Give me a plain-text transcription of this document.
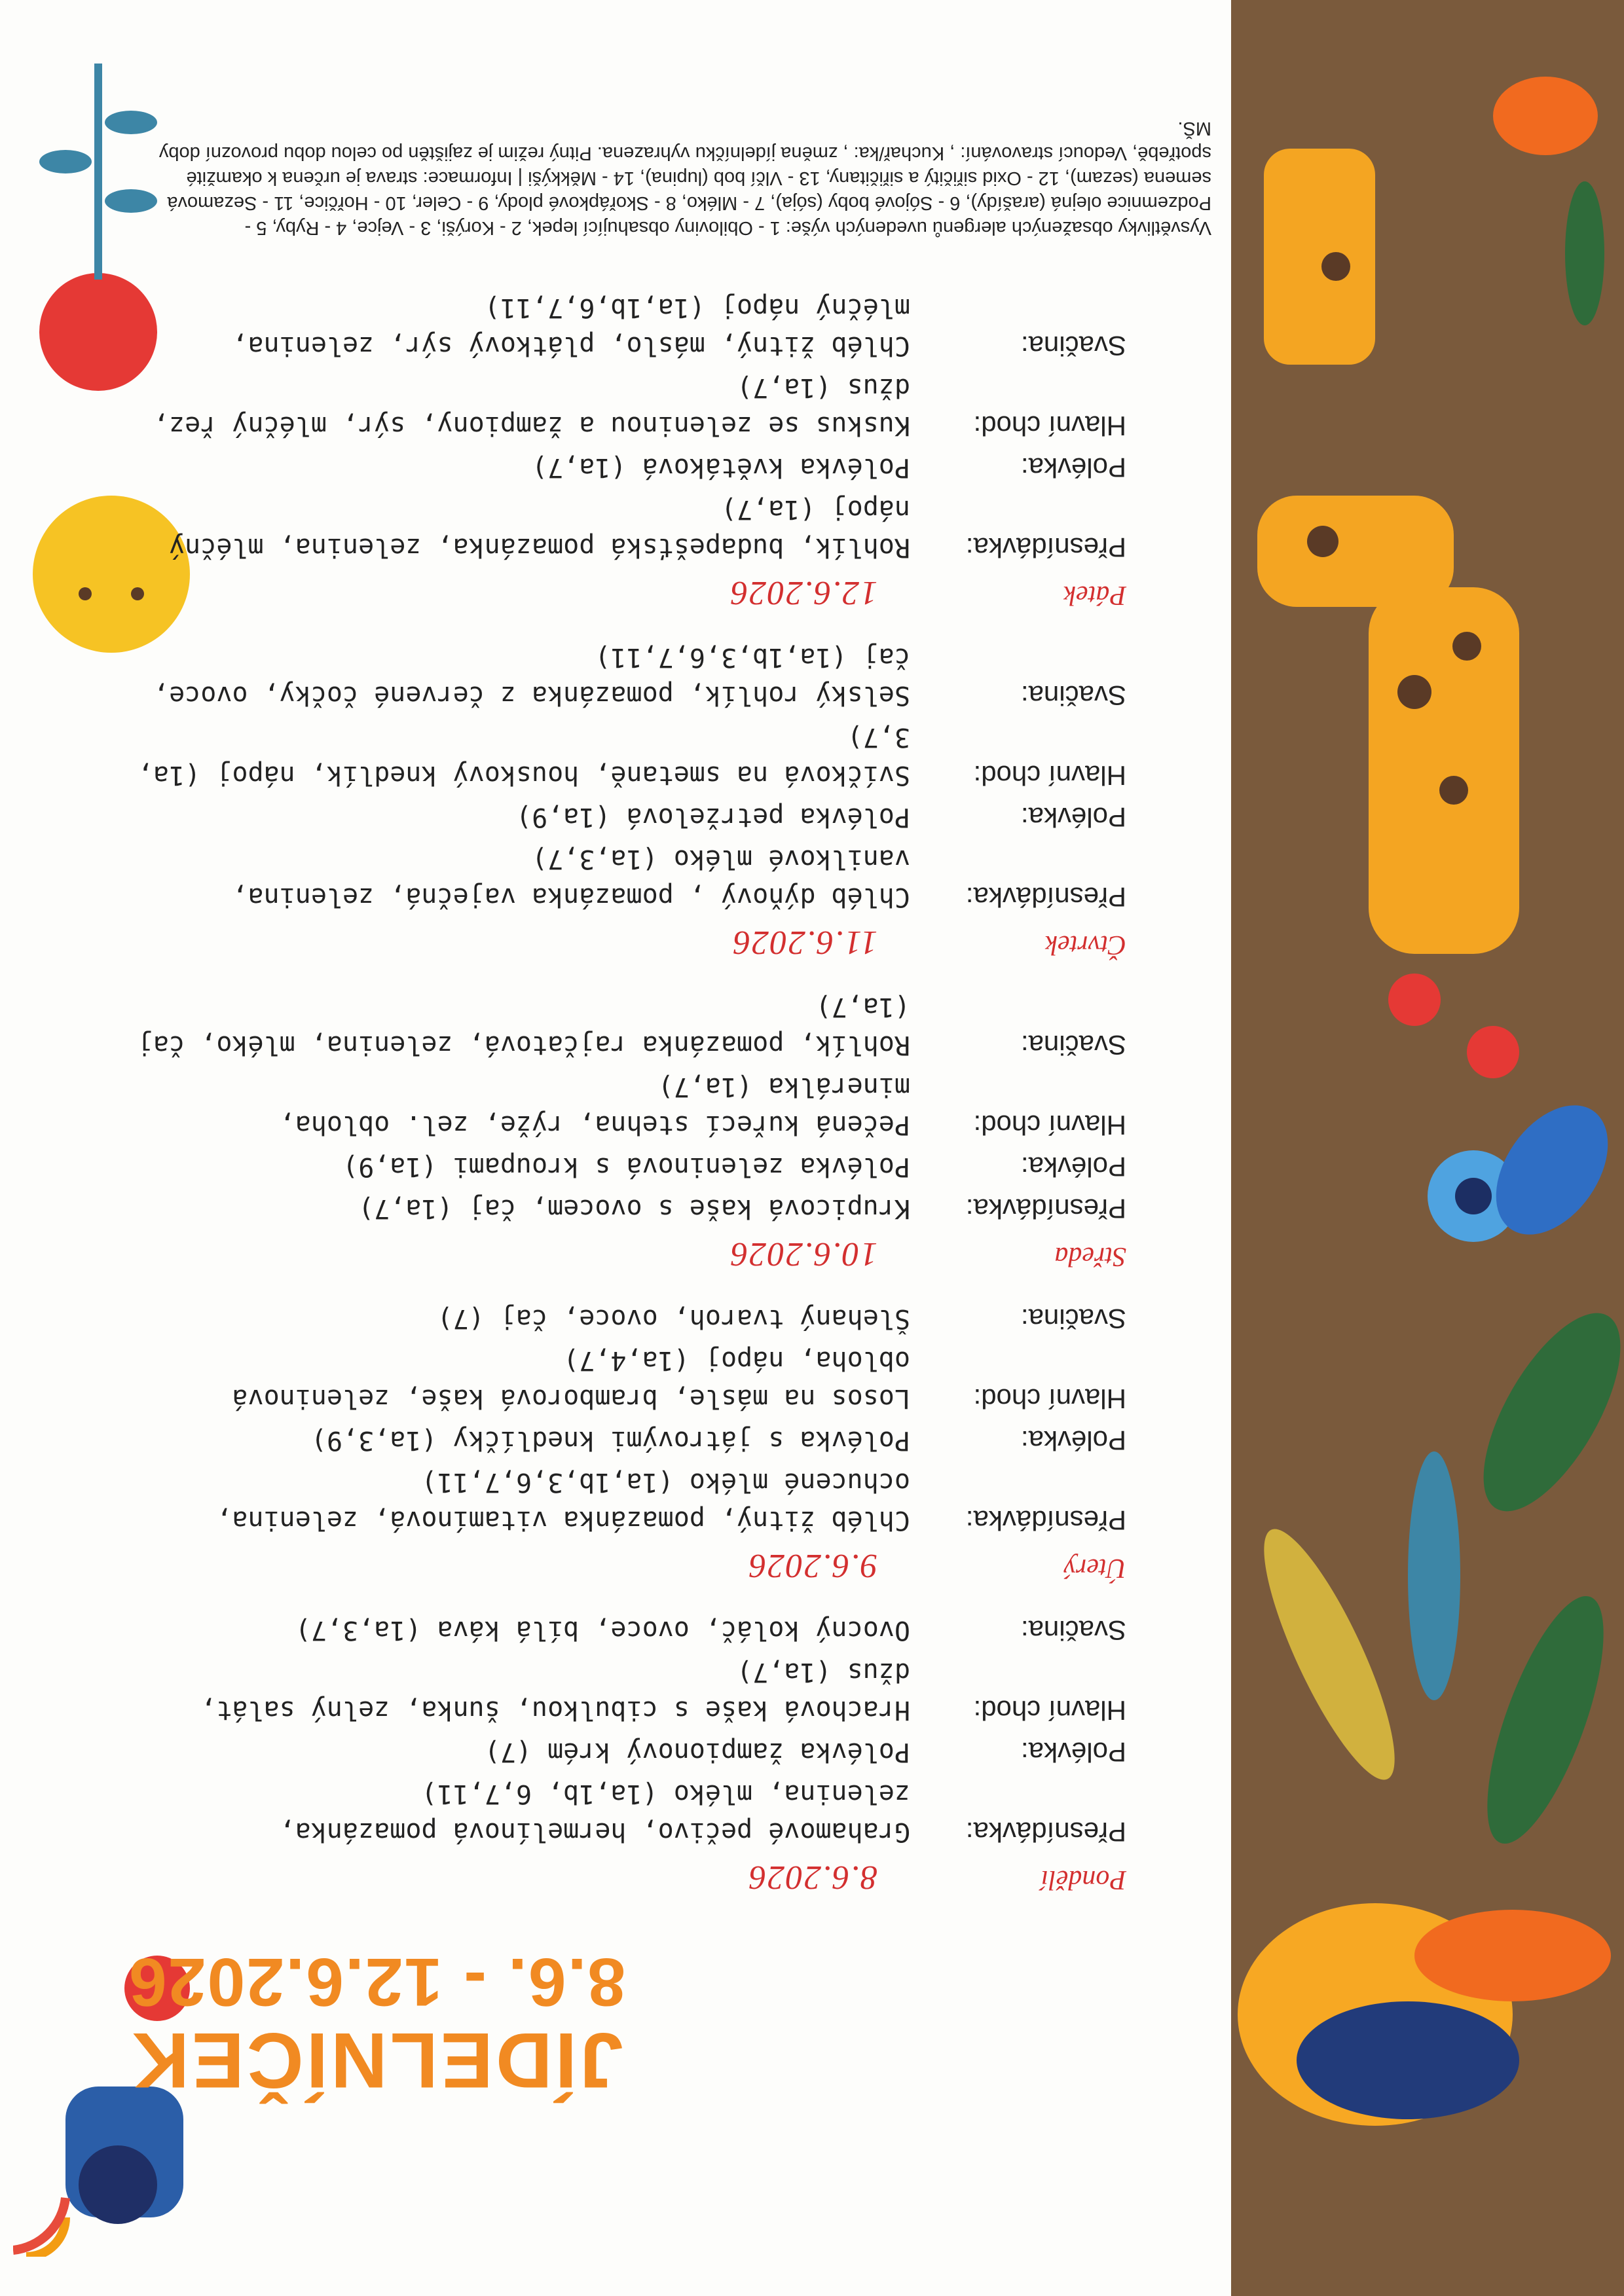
JÍDELNÍČEK
8.6. - 12.6.2026
Pondělí
8.6.2026
Přesnídávka:
Grahamové pečivo, hermelínová pomazánka, zelenina, mléko (1a,1b, 6,7,11)
Polévka:
Polévka žampionový krém (7)
Hlavní chod:
Hrachová kaše s cibulkou, šunka, zelný salát, džus (1a,7)
Svačina:
Ovocný koláč, ovoce, bílá káva (1a,3,7)
Úterý
9.6.2026
Přesnídávka:
Chléb žitný, pomazánka vitamínová, zelenina, ochucené mléko (1a,1b,3,6,7,11)
Polévka:
Polévka s játrovými knedlíčky (1a,3,9)
Hlavní chod:
Losos na másle, bramborová kaše, zeleninová obloha, nápoj (1a,4,7)
Svačina:
Šlehaný tvaroh, ovoce, čaj (7)
Středa
10.6.2026
Přesnídávka:
Krupicová kaše s ovocem, čaj (1a,7)
Polévka:
Polévka zeleninová s kroupami (1a,9)
Hlavní chod:
Pečená kuřecí stehna, rýže, zel. obloha, minerálka (1a,7)
Svačina:
Rohlík, pomazánka rajčatová, zelenina, mléko, čaj (1a,7)
Čtvrtek
11.6.2026
Přesnídávka:
Chléb dýňový , pomazánka vaječná, zelenina, vanilkové mléko (1a,3,7)
Polévka:
Polévka petrželová (1a,9)
Hlavní chod:
Svíčková na smetaně, houskový knedlík, nápoj (1a, 3,7)
Svačina:
Selský rohlík, pomazánka z červené čočky, ovoce, čaj (1a,1b,3,6,7,11)
Pátek
12.6.2026
Přesnídávka:
Rohlík, budapešťská pomazánka, zelenina, mléčný nápoj (1a,7)
Polévka:
Polévka květáková (1a,7)
Hlavní chod:
Kuskus se zeleninou a žampiony, sýr, mléčný řez, džus (1a,7)
Svačina:
Chléb žitný, máslo, plátkový sýr, zelenina, mléčný nápoj (1a,1b,6,7,11)
Vysvětlivky obsažených alergenů uvedených výše: 1 - Obiloviny obsahující lepek, 2 - Korýši, 3 - Vejce, 4 - Ryby, 5 - Podzemnice olejná (arašídy), 6 - Sójové boby (sója), 7 - Mléko, 8 - Skořápkové plody, 9 - Celer, 10 - Hořčice, 11 - Sezamová semena (sezam), 12 - Oxid siřičitý a siřičitany, 13 - Vlčí bob (lupina), 14 - Měkkýši | Informace: strava je určena k okamžité spotřebě, Vedoucí stravování: , Kuchař/ka: , změna jídelníčku vyhrazena. Pitný režim je zajištěn po celou dobu provozní doby MŠ.
